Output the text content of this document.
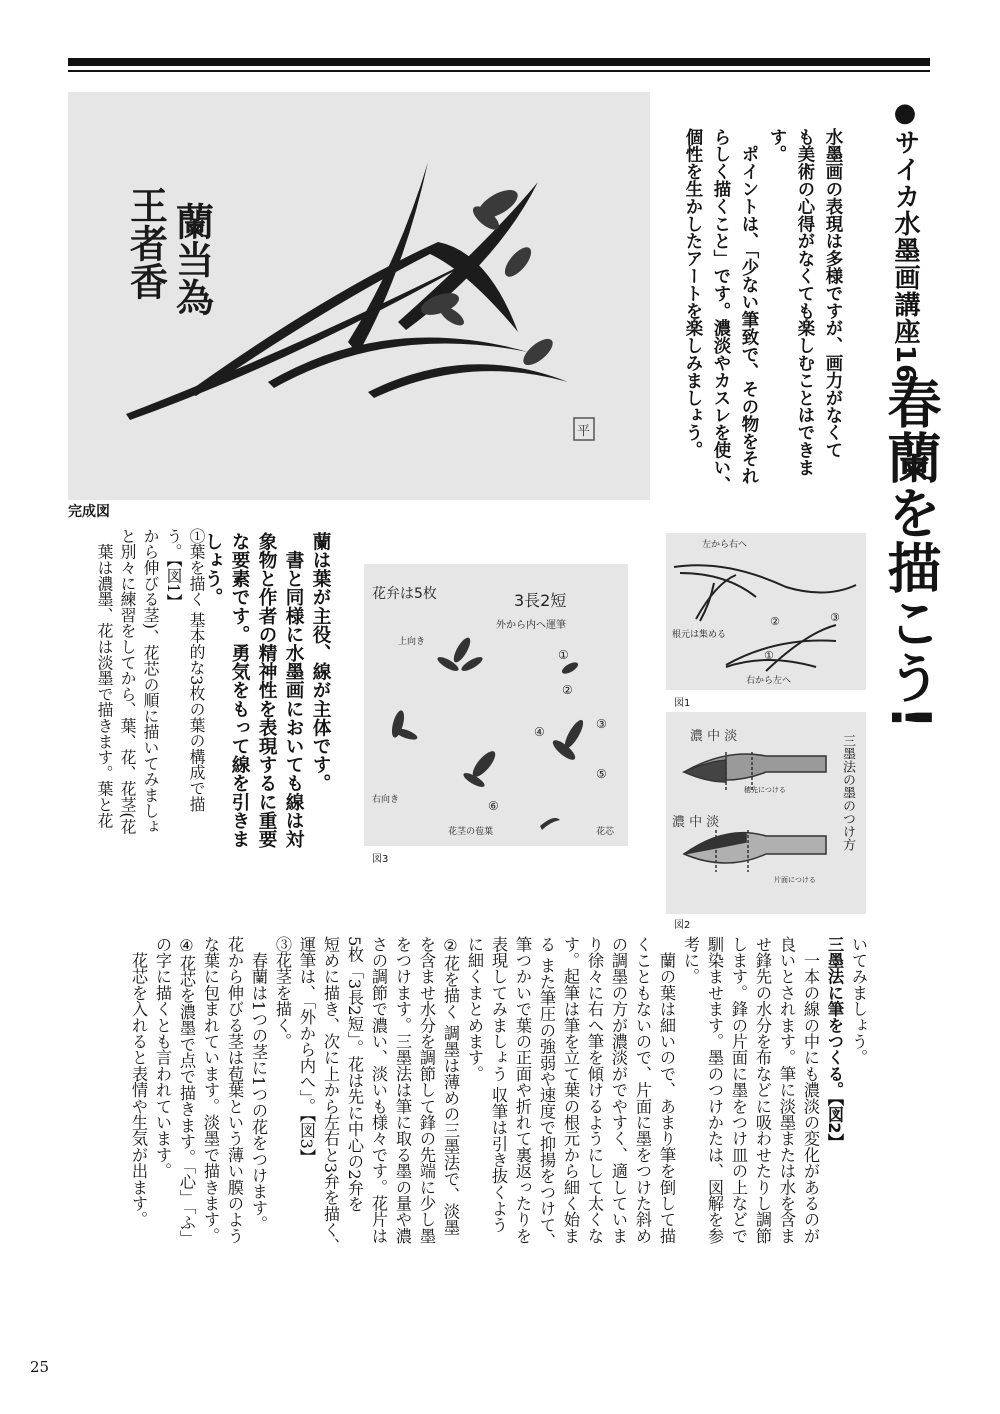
●サイカ水墨画講座16
春蘭を描こう!
水墨画の表現は多様ですが、画力がなくて
も美術の心得がなくても楽しむことはできま
す。
　ポイントは、「少ない筆致で、その物をそれ
らしく描くこと」です。濃淡やカスレを使い、
個性を生かしたアートを楽しみましょう。
蘭当為
王者香
平
完成図
蘭は葉が主役、線が主体です。
　書と同様に水墨画においても線は対
象物と作者の精神性を表現するに重要
な要素です。勇気をもって線を引きま
しょう。
①葉を描く 基本的な3枚の葉の構成で描
う。【図1】
から伸びる茎)、花芯の順に描いてみましょ
と別々に練習をしてから、葉、花、花茎(花
　葉は濃墨、花は淡墨で描きます。葉と花	花弁は5枚	3長2短
外から内へ運筆
上向き
①
②
③
④
⑤
⑥
右向き
花茎の苞葉	花芯
図3
左から右へ
根元は集める
②	③
①
右から左へ
図1
濃 中 淡
穂先につける
濃 中 淡
片面につける
三墨法の墨のつけ方
図2
いてみましょう。
三墨法に筆をつくる。【図2】
　一本の線の中にも濃淡の変化があるのが
良いとされます。筆に淡墨または水を含ま
せ鋒先の水分を布などに吸わせたりし調節
します。鋒の片面に墨をつけ皿の上などで
馴染ませます。墨のつけかたは、図解を参
考に。
　蘭の葉は細いので、あまり筆を倒して描
くこともないので、片面に墨をつけた斜め
の調墨の方が濃淡がでやすく、適していま
り徐々に右へ筆を傾けるようにして太くな
す。起筆は筆を立て葉の根元から細く始ま
る また筆圧の強弱や速度で抑揚をつけて、
筆つかいで葉の正面や折れて裏返ったりを
表現してみましょう 収筆は引き抜くよう
に細くまとめます。
②花を描く 調墨は薄めの三墨法で、淡墨
を含ませ水分を調節して鋒の先端に少し墨
をつけます。三墨法は筆に取る墨の量や濃
さの調節で濃い、淡いも様々です。花片は
5枚「3長2短」。花は先に中心の2弁を
短めに描き、次に上から左右と3弁を描く、
運筆は、「外から内へ」。【図3】
③花茎を描く。
　春蘭は1つの茎に1つの花をつけます。
花から伸びる茎は苞葉という薄い膜のよう
な葉に包まれています。淡墨で描きます。
④花芯を濃墨で点で描きます。「心」「ふ」
の字に描くとも言われています。
　花芯を入れると表情や生気が出ます。
25
